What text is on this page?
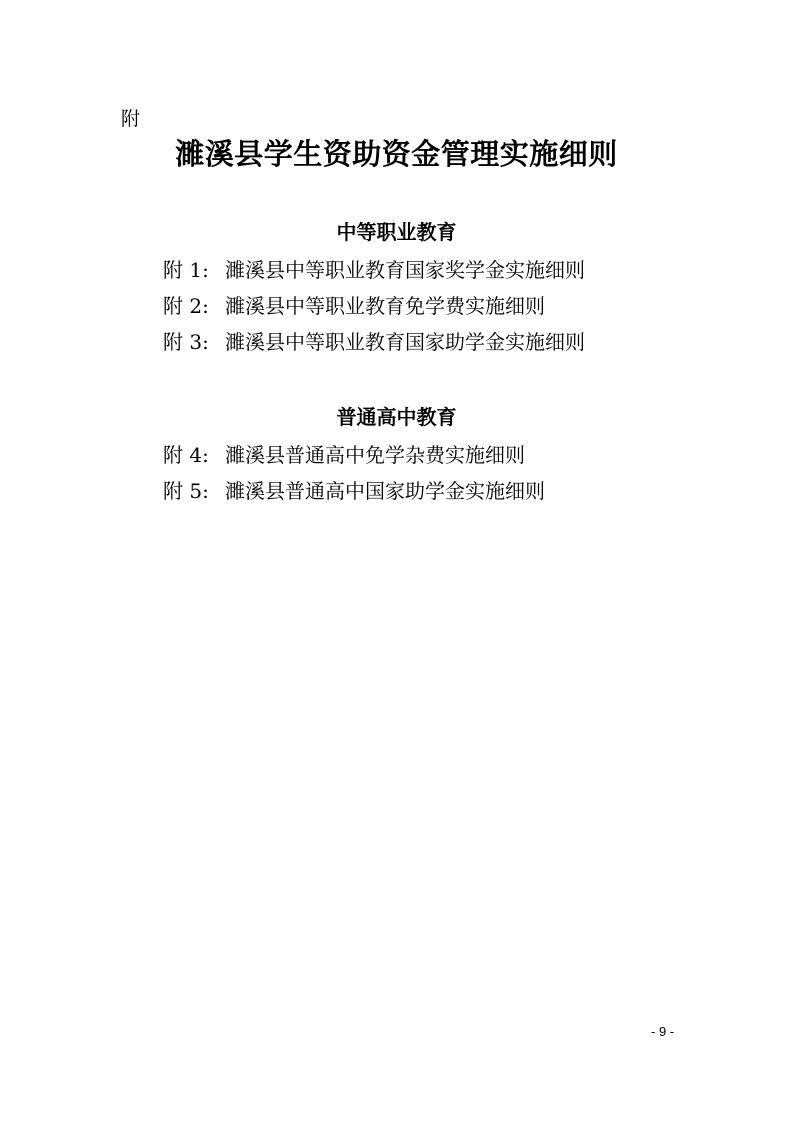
附
濉溪县学生资助资金管理实施细则
中等职业教育
附 1: 濉溪县中等职业教育国家奖学金实施细则
附 2: 濉溪县中等职业教育免学费实施细则
附 3: 濉溪县中等职业教育国家助学金实施细则
普通高中教育
附 4: 濉溪县普通高中免学杂费实施细则
附 5: 濉溪县普通高中国家助学金实施细则
- 9 -
